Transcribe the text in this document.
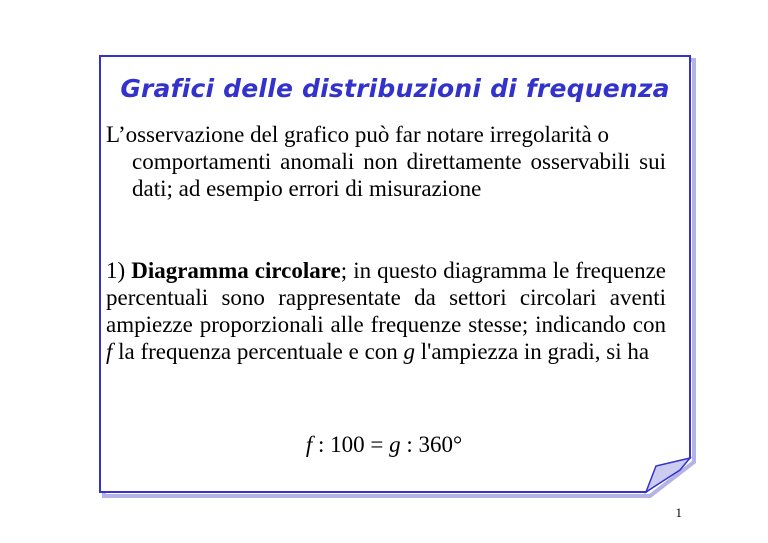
Grafici delle distribuzioni di frequenza
L’osservazione del grafico può far notare irregolarità o
comportamenti anomali non direttamente osservabili sui dati; ad esempio errori di misurazione
1) Diagramma circolare; in questo diagramma le frequenze percentuali sono rappresentate da settori circolari aventi ampiezze proporzionali alle frequenze stesse; indicando con f la frequenza percentuale e con g l'ampiezza in gradi, si ha
f : 100 = g : 360°
1
